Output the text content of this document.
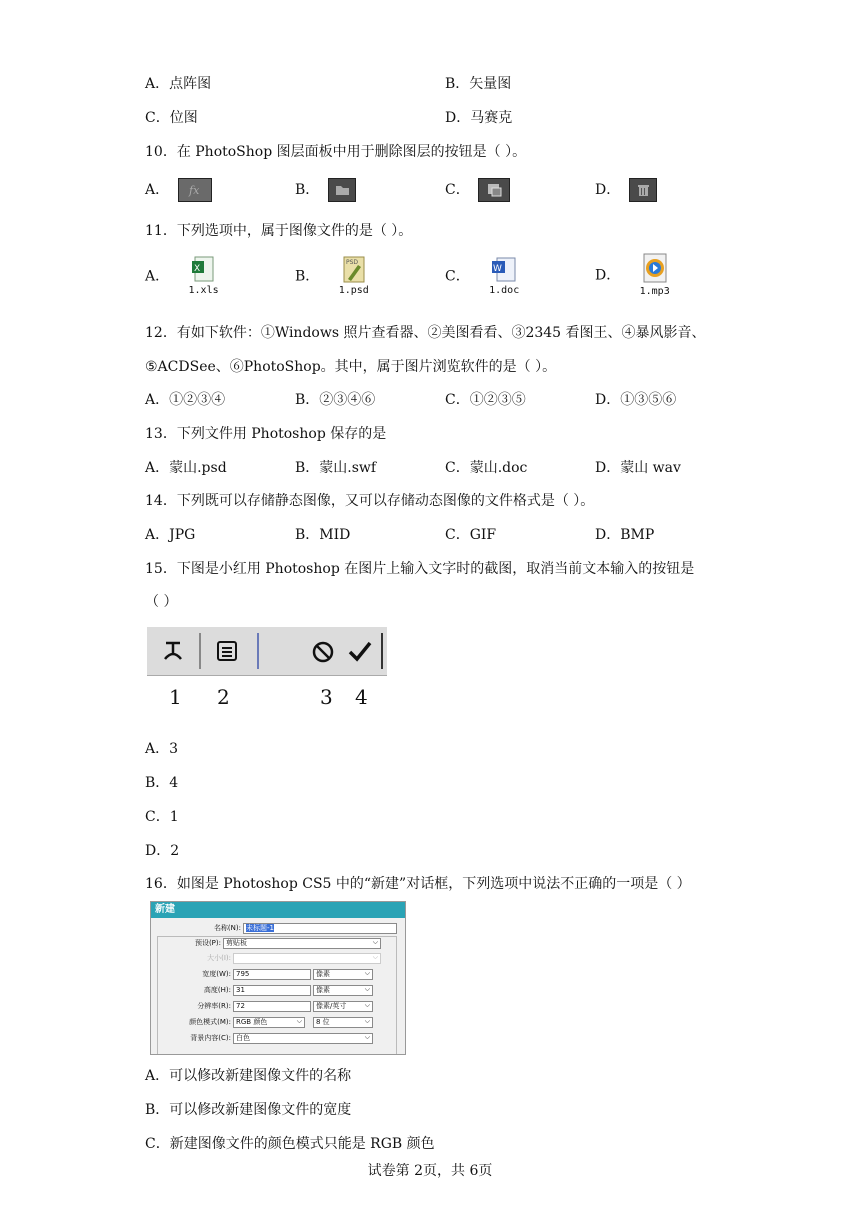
A．点阵图	B．矢量图
C．位图	D．马赛克
10．在 PhotoShop 图层面板中用于删除图层的按钮是（ ）。
A． fx	B．	C．	D．
11．下列选项中，属于图像文件的是（ ）。
A．	X
1.xls
B．
PSD
1.psd
C．	W
1.doc
D．
1.mp3
12．有如下软件：①Windows 照片查看器、②美图看看、③2345 看图王、④暴风影音、
⑤ACDSee、⑥PhotoShop。其中，属于图片浏览软件的是（ ）。
A．①②③④	B．②③④⑥	C．①②③⑤	D．①③⑤⑥
13．下列文件用 Photoshop 保存的是
A．蒙山.psd	B．蒙山.swf	C．蒙山.doc	D．蒙山 wav
14．下列既可以存储静态图像，又可以存储动态图像的文件格式是（ ）。
A．JPG	B．MID	C．GIF	D．BMP
15．下图是小红用 Photoshop 在图片上输入文字时的截图，取消当前文本输入的按钮是
（ ）
1 2	3 4
A．3
B．4
C．1
D．2
16．如图是 Photoshop CS5 中的“新建”对话框，下列选项中说法不正确的一项是（ ）
新建
名称(N): 未标题-1
预设(P): 剪贴板 ⌵
大小(I):
⌵
宽度(W): 795	像素 ⌵
高度(H): 31	像素 ⌵
分辨率(R): 72	像素/英寸 ⌵
颜色模式(M): RGB 颜色 ⌵	8 位 ⌵
背景内容(C): 白色 ⌵
A．可以修改新建图像文件的名称
B．可以修改新建图像文件的宽度
C．新建图像文件的颜色模式只能是 RGB 颜色
试卷第 2页，共 6页
